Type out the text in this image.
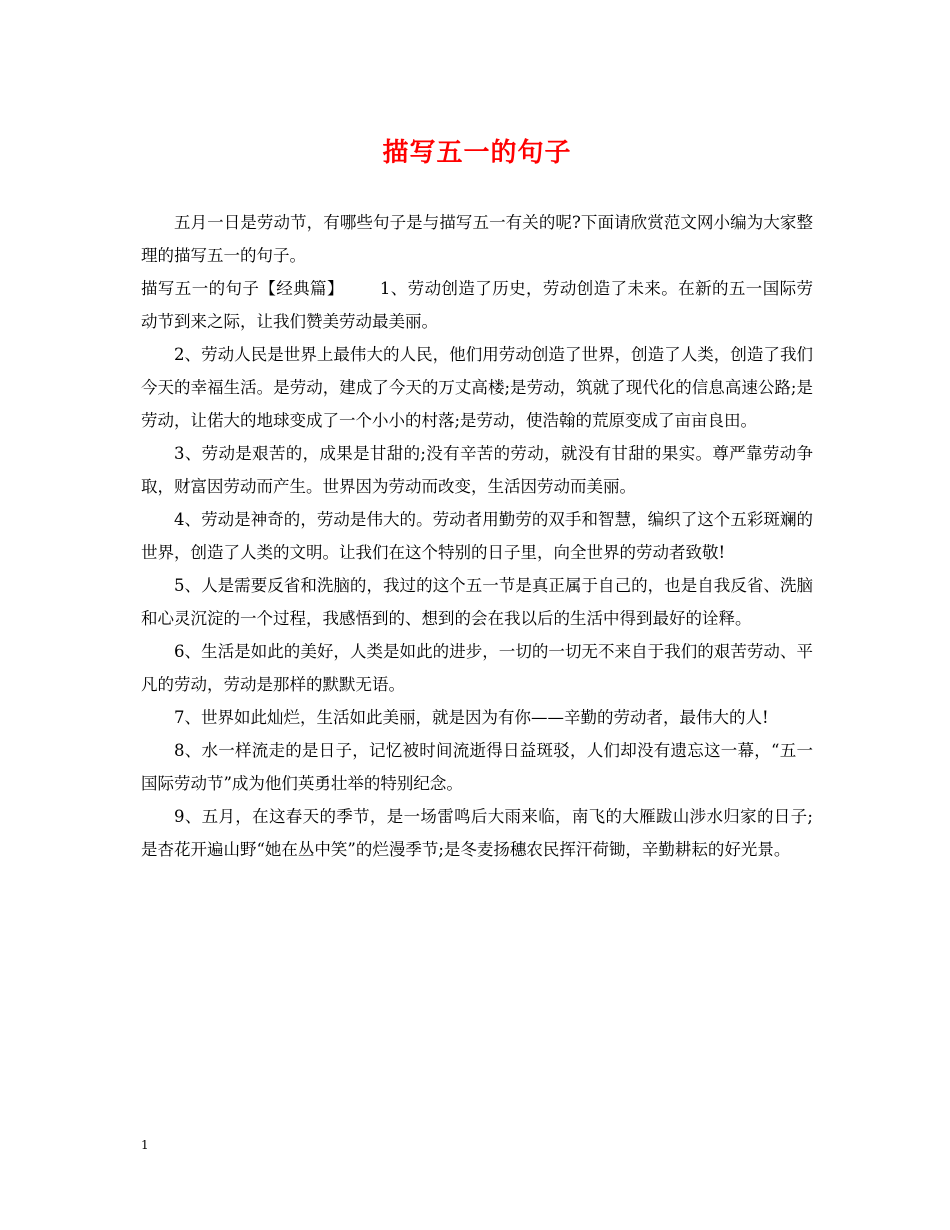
描写五一的句子

五月一日是劳动节，有哪些句子是与描写五一有关的呢?下面请欣赏范文网小编为大家整理的描写五一的句子。

描写五一的句子【经典篇】 1、劳动创造了历史，劳动创造了未来。在新的五一国际劳动节到来之际，让我们赞美劳动最美丽。

2、劳动人民是世界上最伟大的人民，他们用劳动创造了世界，创造了人类，创造了我们今天的幸福生活。是劳动，建成了今天的万丈高楼;是劳动，筑就了现代化的信息高速公路;是劳动，让偌大的地球变成了一个小小的村落;是劳动，使浩翰的荒原变成了亩亩良田。

3、劳动是艰苦的，成果是甘甜的;没有辛苦的劳动，就没有甘甜的果实。尊严靠劳动争取，财富因劳动而产生。世界因为劳动而改变，生活因劳动而美丽。

4、劳动是神奇的，劳动是伟大的。劳动者用勤劳的双手和智慧，编织了这个五彩斑斓的世界，创造了人类的文明。让我们在这个特别的日子里，向全世界的劳动者致敬!

5、人是需要反省和洗脑的，我过的这个五一节是真正属于自己的，也是自我反省、洗脑和心灵沉淀的一个过程，我感悟到的、想到的会在我以后的生活中得到最好的诠释。

6、生活是如此的美好，人类是如此的进步，一切的一切无不来自于我们的艰苦劳动、平凡的劳动，劳动是那样的默默无语。

7、世界如此灿烂，生活如此美丽，就是因为有你——辛勤的劳动者，最伟大的人!

8、水一样流走的是日子，记忆被时间流逝得日益斑驳，人们却没有遗忘这一幕，“五一国际劳动节”成为他们英勇壮举的特别纪念。

9、五月，在这春天的季节，是一场雷鸣后大雨来临，南飞的大雁跋山涉水归家的日子;是杏花开遍山野“她在丛中笑”的烂漫季节;是冬麦扬穗农民挥汗荷锄，辛勤耕耘的好光景。

1
